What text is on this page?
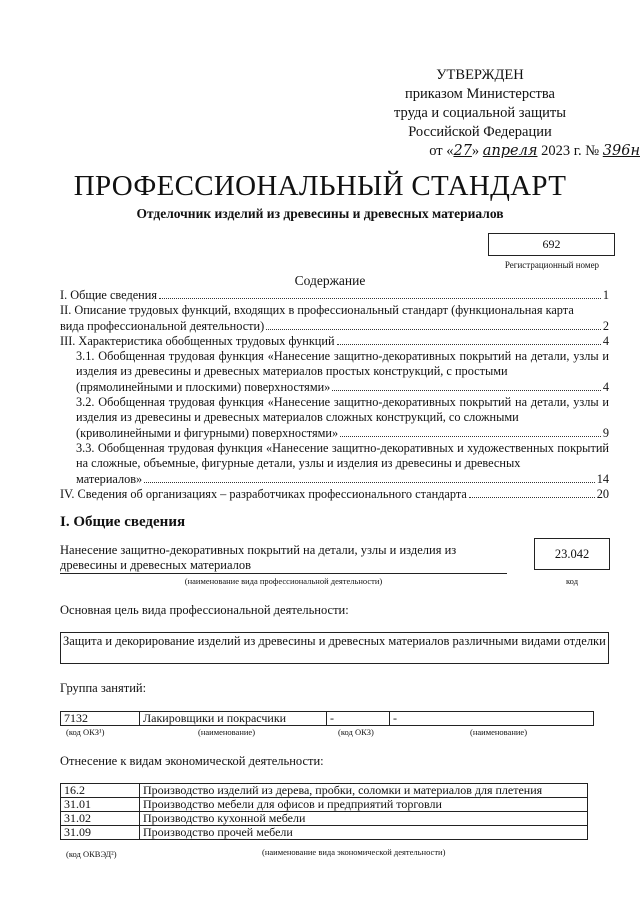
УТВЕРЖДЕН
приказом Министерства
труда и социальной защиты
Российской Федерации
от «27» апреля 2023 г. № 396н
ПРОФЕССИОНАЛЬНЫЙ СТАНДАРТ
Отделочник изделий из древесины и древесных материалов
692
Регистрационный номер
Содержание
I. Общие сведения	1
II. Описание трудовых функций, входящих в профессиональный стандарт (функциональная карта
вида профессиональной деятельности)	2
III. Характеристика обобщенных трудовых функций	4
3.1. Обобщенная трудовая функция «Нанесение защитно-декоративных покрытий на детали, узлы и изделия из древесины и древесных материалов простых конструкций, с простыми
(прямолинейными и плоскими) поверхностями»	4
3.2. Обобщенная трудовая функция «Нанесение защитно-декоративных покрытий на детали, узлы и изделия из древесины и древесных материалов сложных конструкций, со сложными
(криволинейными и фигурными) поверхностями»	9
3.3. Обобщенная трудовая функция «Нанесение защитно-декоративных и художественных покрытий на сложные, объемные, фигурные детали, узлы и изделия из древесины и древесных
материалов»	14
IV. Сведения об организациях – разработчиках профессионального стандарта	20
I. Общие сведения
Нанесение защитно-декоративных покрытий на детали, узлы и изделия из древесины и древесных материалов
(наименование вида профессиональной деятельности)
23.042
код
Основная цель вида профессиональной деятельности:
Защита и декорирование изделий из древесины и древесных материалов различными видами отделки
Группа занятий:
7132	Лакировщики и покрасчики	-	-
(код ОКЗ¹)	(наименование)	(код ОКЗ)	(наименование)
Отнесение к видам экономической деятельности:
16.2	Производство изделий из дерева, пробки, соломки и материалов для плетения
31.01	Производство мебели для офисов и предприятий торговли
31.02	Производство кухонной мебели
31.09	Производство прочей мебели
(код ОКВЭД²)	(наименование вида экономической деятельности)
